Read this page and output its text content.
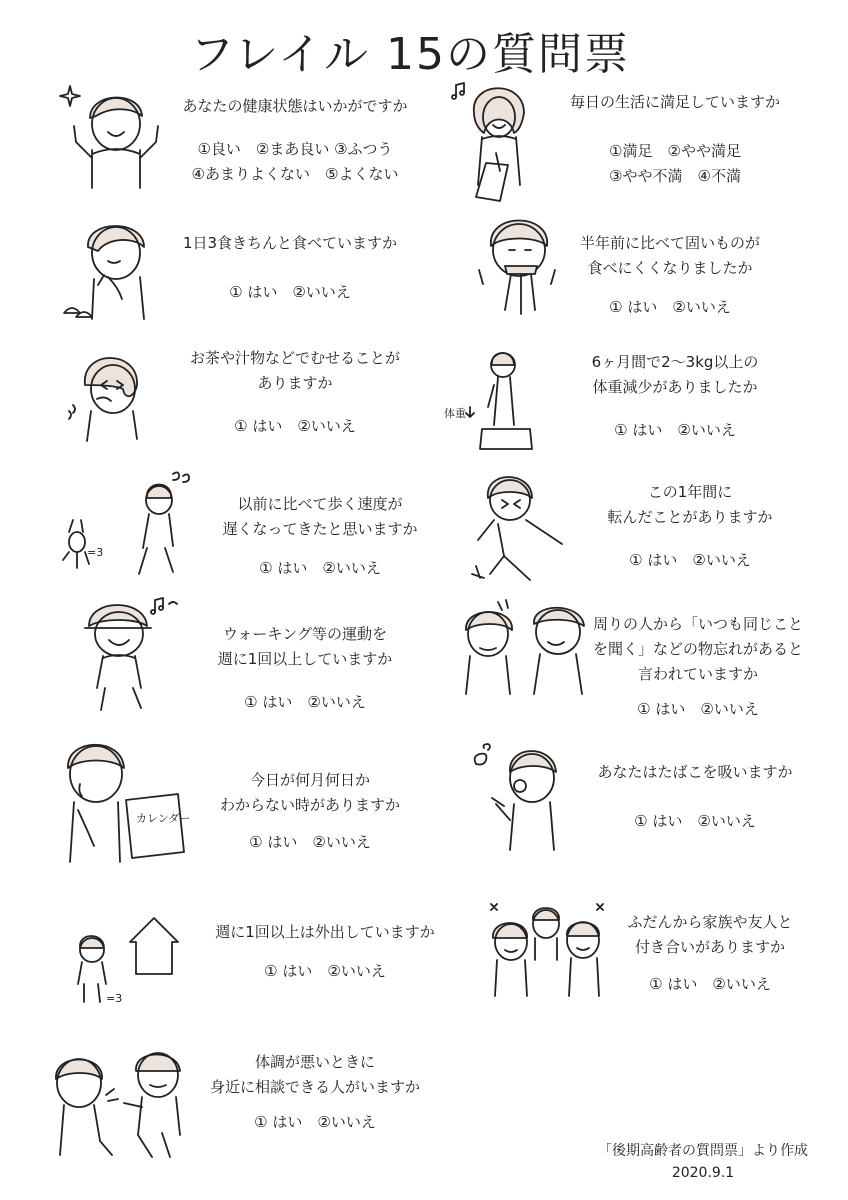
フレイル 15の質問票
あなたの健康状態はいかがですか
①良い　②まあ良い ③ふつう
④あまりよくない　⑤よくない
毎日の生活に満足していますか
①満足　②やや満足
③やや不満　④不満
1日3食きちんと食べていますか
① はい　②いいえ
半年前に比べて固いものが
食べにくくなりましたか
① はい　②いいえ
お茶や汁物などでむせることが
ありますか
① はい　②いいえ
6ヶ月間で2〜3kg以上の
体重減少がありましたか
① はい　②いいえ
以前に比べて歩く速度が
遅くなってきたと思いますか
① はい　②いいえ
この1年間に
転んだことがありますか
① はい　②いいえ
ウォーキング等の運動を
週に1回以上していますか
① はい　②いいえ
周りの人から「いつも同じこと
を聞く」などの物忘れがあると
言われていますか
① はい　②いいえ
今日が何月何日か
わからない時がありますか
① はい　②いいえ
あなたはたばこを吸いますか
① はい　②いいえ
週に1回以上は外出していますか
① はい　②いいえ
ふだんから家族や友人と
付き合いがありますか
① はい　②いいえ
体調が悪いときに
身近に相談できる人がいますか
① はい　②いいえ
体重
=3
カレンダー
=3
「後期高齢者の質問票」より作成
2020.9.1
